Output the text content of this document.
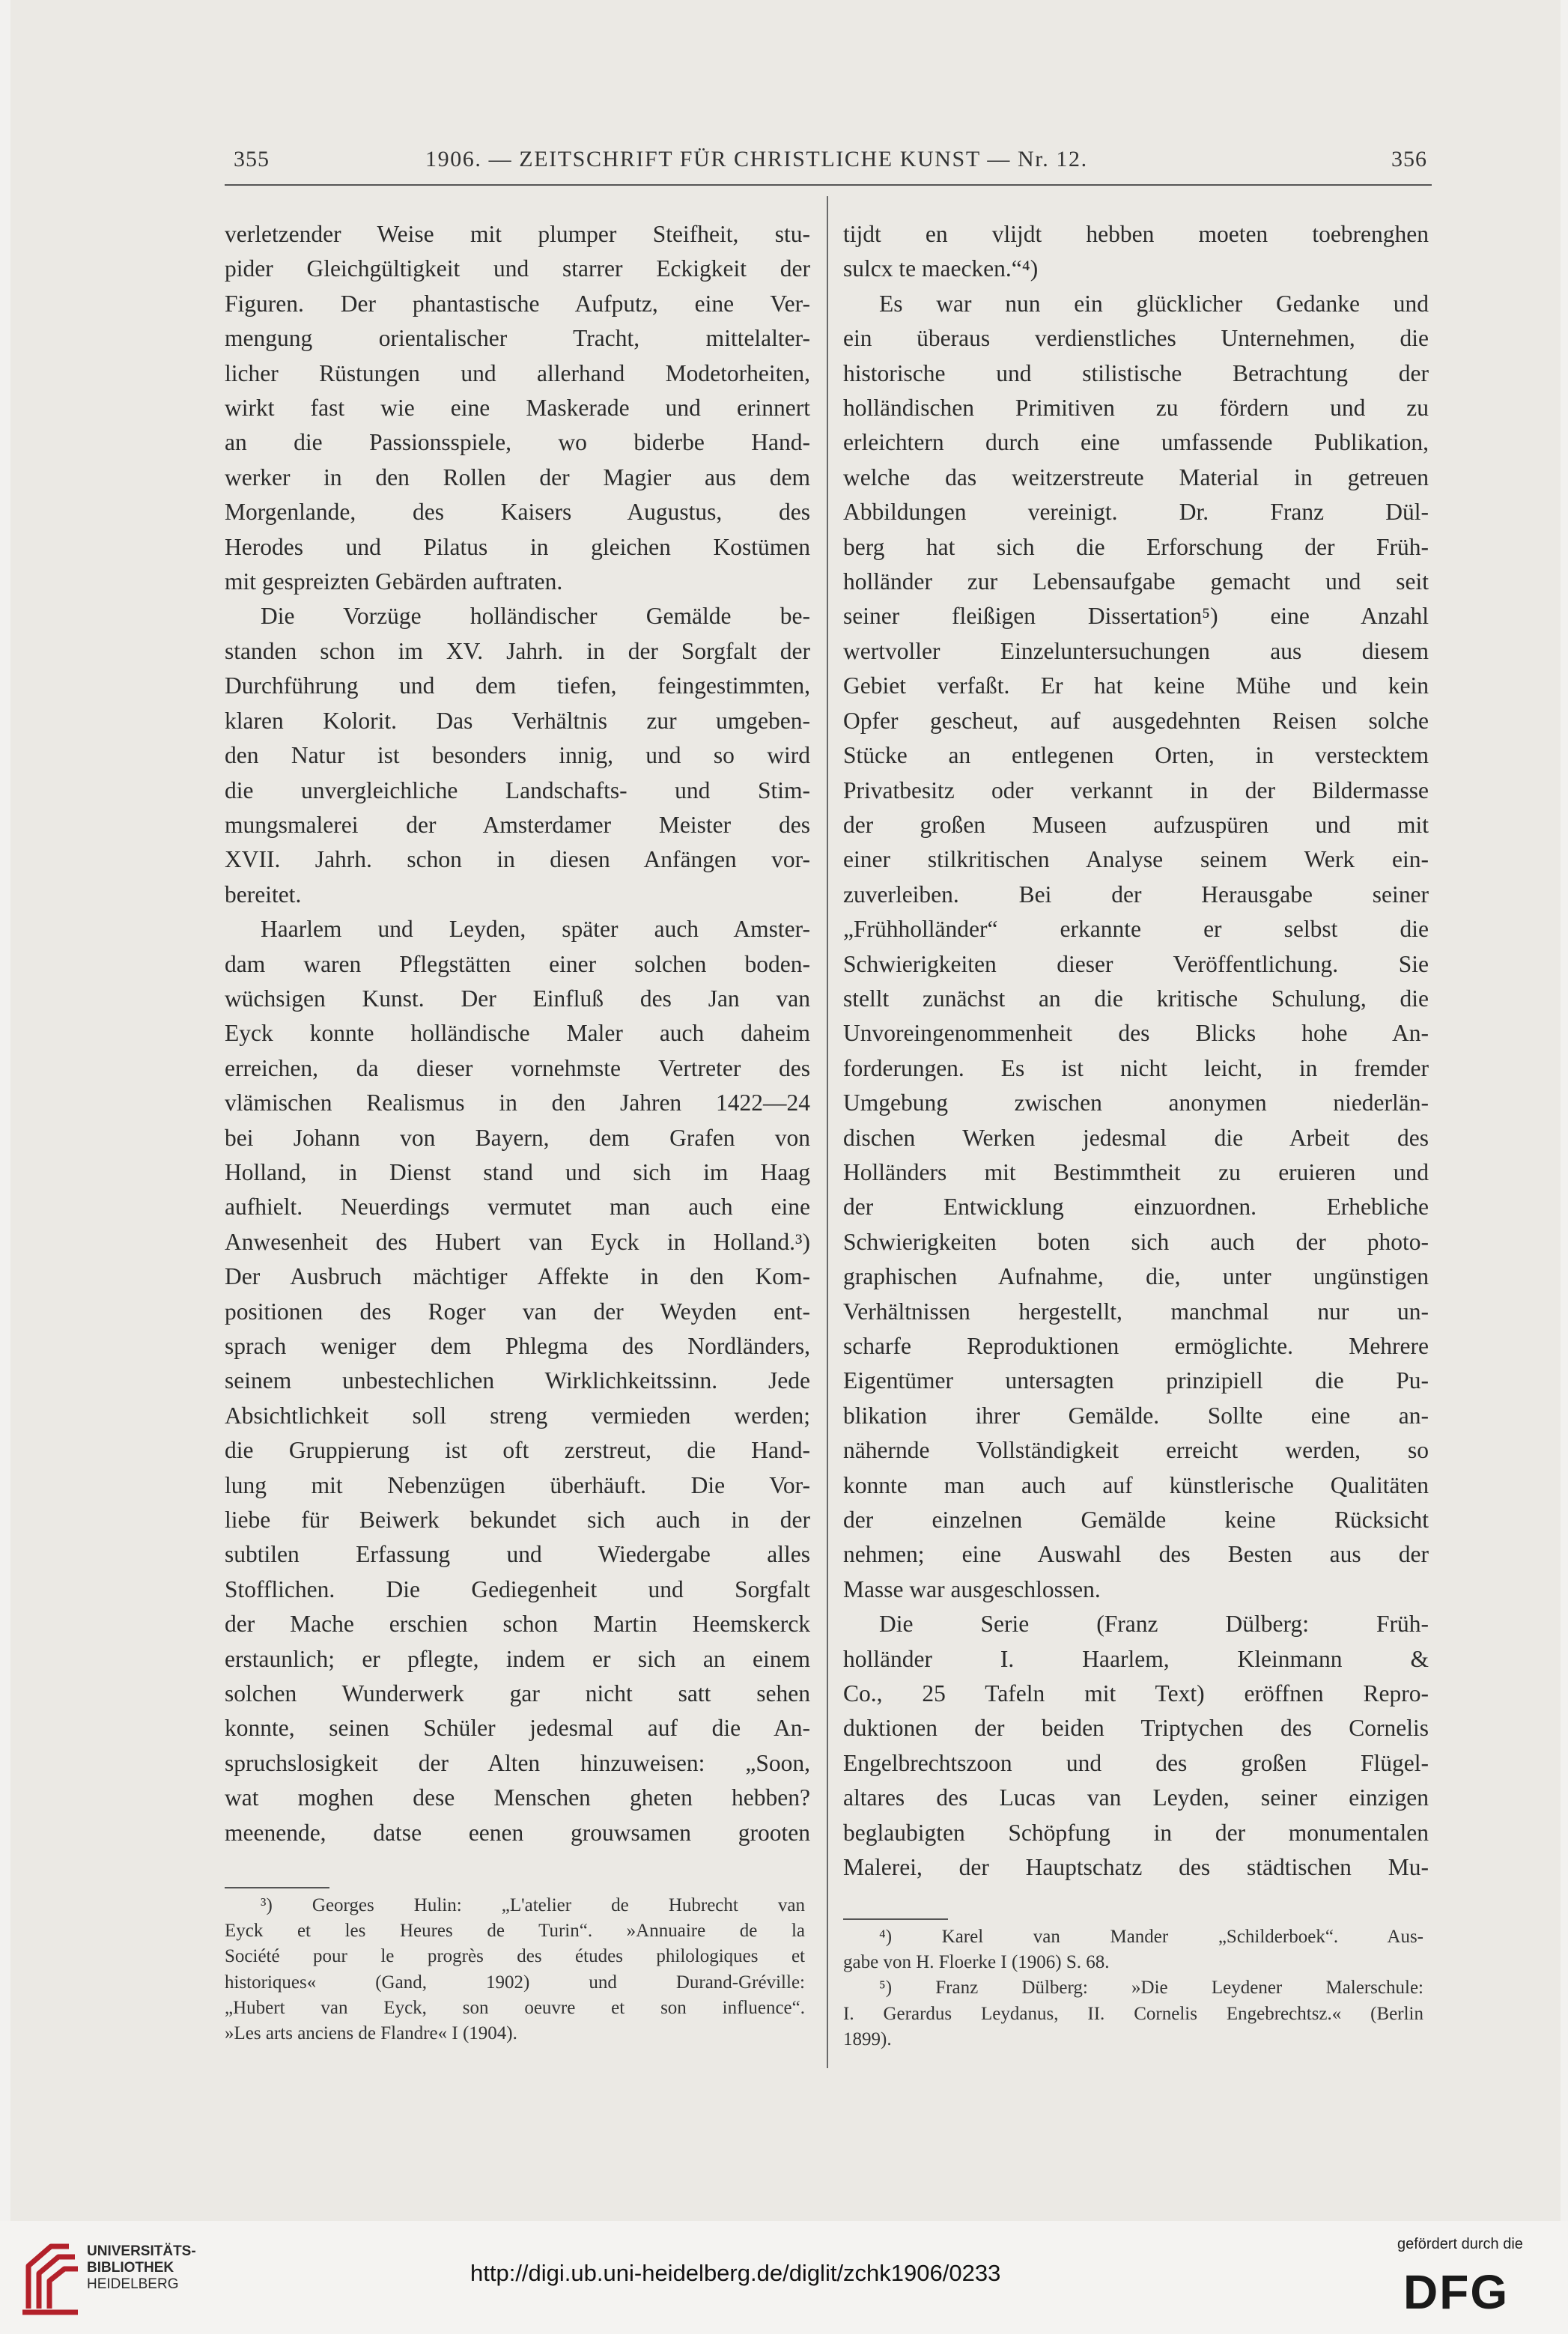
355	1906. — ZEITSCHRIFT FÜR CHRISTLICHE KUNST — Nr. 12.	356
verletzender Weise mit plumper Steifheit, stu-
pider Gleichgültigkeit und starrer Eckigkeit der
Figuren. Der phantastische Aufputz, eine Ver-
mengung orientalischer Tracht, mittelalter-
licher Rüstungen und allerhand Modetorheiten,
wirkt fast wie eine Maskerade und erinnert
an die Passionsspiele, wo biderbe Hand-
werker in den Rollen der Magier aus dem
Morgenlande, des Kaisers Augustus, des
Herodes und Pilatus in gleichen Kostümen
mit gespreizten Gebärden auftraten.
Die Vorzüge holländischer Gemälde be-
standen schon im XV. Jahrh. in der Sorgfalt der
Durchführung und dem tiefen, feingestimmten,
klaren Kolorit. Das Verhältnis zur umgeben-
den Natur ist besonders innig, und so wird
die unvergleichliche Landschafts- und Stim-
mungsmalerei der Amsterdamer Meister des
XVII. Jahrh. schon in diesen Anfängen vor-
bereitet.
Haarlem und Leyden, später auch Amster-
dam waren Pflegstätten einer solchen boden-
wüchsigen Kunst. Der Einfluß des Jan van
Eyck konnte holländische Maler auch daheim
erreichen, da dieser vornehmste Vertreter des
vlämischen Realismus in den Jahren 1422—24
bei Johann von Bayern, dem Grafen von
Holland, in Dienst stand und sich im Haag
aufhielt. Neuerdings vermutet man auch eine
Anwesenheit des Hubert van Eyck in Holland.³)
Der Ausbruch mächtiger Affekte in den Kom-
positionen des Roger van der Weyden ent-
sprach weniger dem Phlegma des Nordländers,
seinem unbestechlichen Wirklichkeitssinn. Jede
Absichtlichkeit soll streng vermieden werden;
die Gruppierung ist oft zerstreut, die Hand-
lung mit Nebenzügen überhäuft. Die Vor-
liebe für Beiwerk bekundet sich auch in der
subtilen Erfassung und Wiedergabe alles
Stofflichen. Die Gediegenheit und Sorgfalt
der Mache erschien schon Martin Heemskerck
erstaunlich; er pflegte, indem er sich an einem
solchen Wunderwerk gar nicht satt sehen
konnte, seinen Schüler jedesmal auf die An-
spruchslosigkeit der Alten hinzuweisen: „Soon,
wat moghen dese Menschen gheten hebben?
meenende, datse eenen grouwsamen grooten
tijdt en vlijdt hebben moeten toebrenghen
sulcx te maecken.“⁴)
Es war nun ein glücklicher Gedanke und
ein überaus verdienstliches Unternehmen, die
historische und stilistische Betrachtung der
holländischen Primitiven zu fördern und zu
erleichtern durch eine umfassende Publikation,
welche das weitzerstreute Material in getreuen
Abbildungen vereinigt. Dr. Franz Dül-
berg hat sich die Erforschung der Früh-
holländer zur Lebensaufgabe gemacht und seit
seiner fleißigen Dissertation⁵) eine Anzahl
wertvoller Einzeluntersuchungen aus diesem
Gebiet verfaßt. Er hat keine Mühe und kein
Opfer gescheut, auf ausgedehnten Reisen solche
Stücke an entlegenen Orten, in verstecktem
Privatbesitz oder verkannt in der Bildermasse
der großen Museen aufzuspüren und mit
einer stilkritischen Analyse seinem Werk ein-
zuverleiben. Bei der Herausgabe seiner
„Frühholländer“ erkannte er selbst die
Schwierigkeiten dieser Veröffentlichung. Sie
stellt zunächst an die kritische Schulung, die
Unvoreingenommenheit des Blicks hohe An-
forderungen. Es ist nicht leicht, in fremder
Umgebung zwischen anonymen niederlän-
dischen Werken jedesmal die Arbeit des
Holländers mit Bestimmtheit zu eruieren und
der Entwicklung einzuordnen. Erhebliche
Schwierigkeiten boten sich auch der photo-
graphischen Aufnahme, die, unter ungünstigen
Verhältnissen hergestellt, manchmal nur un-
scharfe Reproduktionen ermöglichte. Mehrere
Eigentümer untersagten prinzipiell die Pu-
blikation ihrer Gemälde. Sollte eine an-
nähernde Vollständigkeit erreicht werden, so
konnte man auch auf künstlerische Qualitäten
der einzelnen Gemälde keine Rücksicht
nehmen; eine Auswahl des Besten aus der
Masse war ausgeschlossen.
Die Serie (Franz Dülberg: Früh-
holländer I. Haarlem, Kleinmann &
Co., 25 Tafeln mit Text) eröffnen Repro-
duktionen der beiden Triptychen des Cornelis
Engelbrechtszoon und des großen Flügel-
altares des Lucas van Leyden, seiner einzigen
beglaubigten Schöpfung in der monumentalen
Malerei, der Hauptschatz des städtischen Mu-
³) Georges Hulin: „L'atelier de Hubrecht van
Eyck et les Heures de Turin“. »Annuaire de la
Société pour le progrès des études philologiques et
historiques« (Gand, 1902) und Durand-Gréville:
„Hubert van Eyck, son oeuvre et son influence“.
»Les arts anciens de Flandre« I (1904).
⁴) Karel van Mander „Schilderboek“. Aus-
gabe von H. Floerke I (1906) S. 68.
⁵) Franz Dülberg: »Die Leydener Malerschule:
I. Gerardus Leydanus, II. Cornelis Engebrechtsz.« (Berlin
1899).
UNIVERSITÄTS-
BIBLIOTHEK
HEIDELBERG	http://digi.ub.uni-heidelberg.de/diglit/zchk1906/0233
gefördert durch die
DFG
